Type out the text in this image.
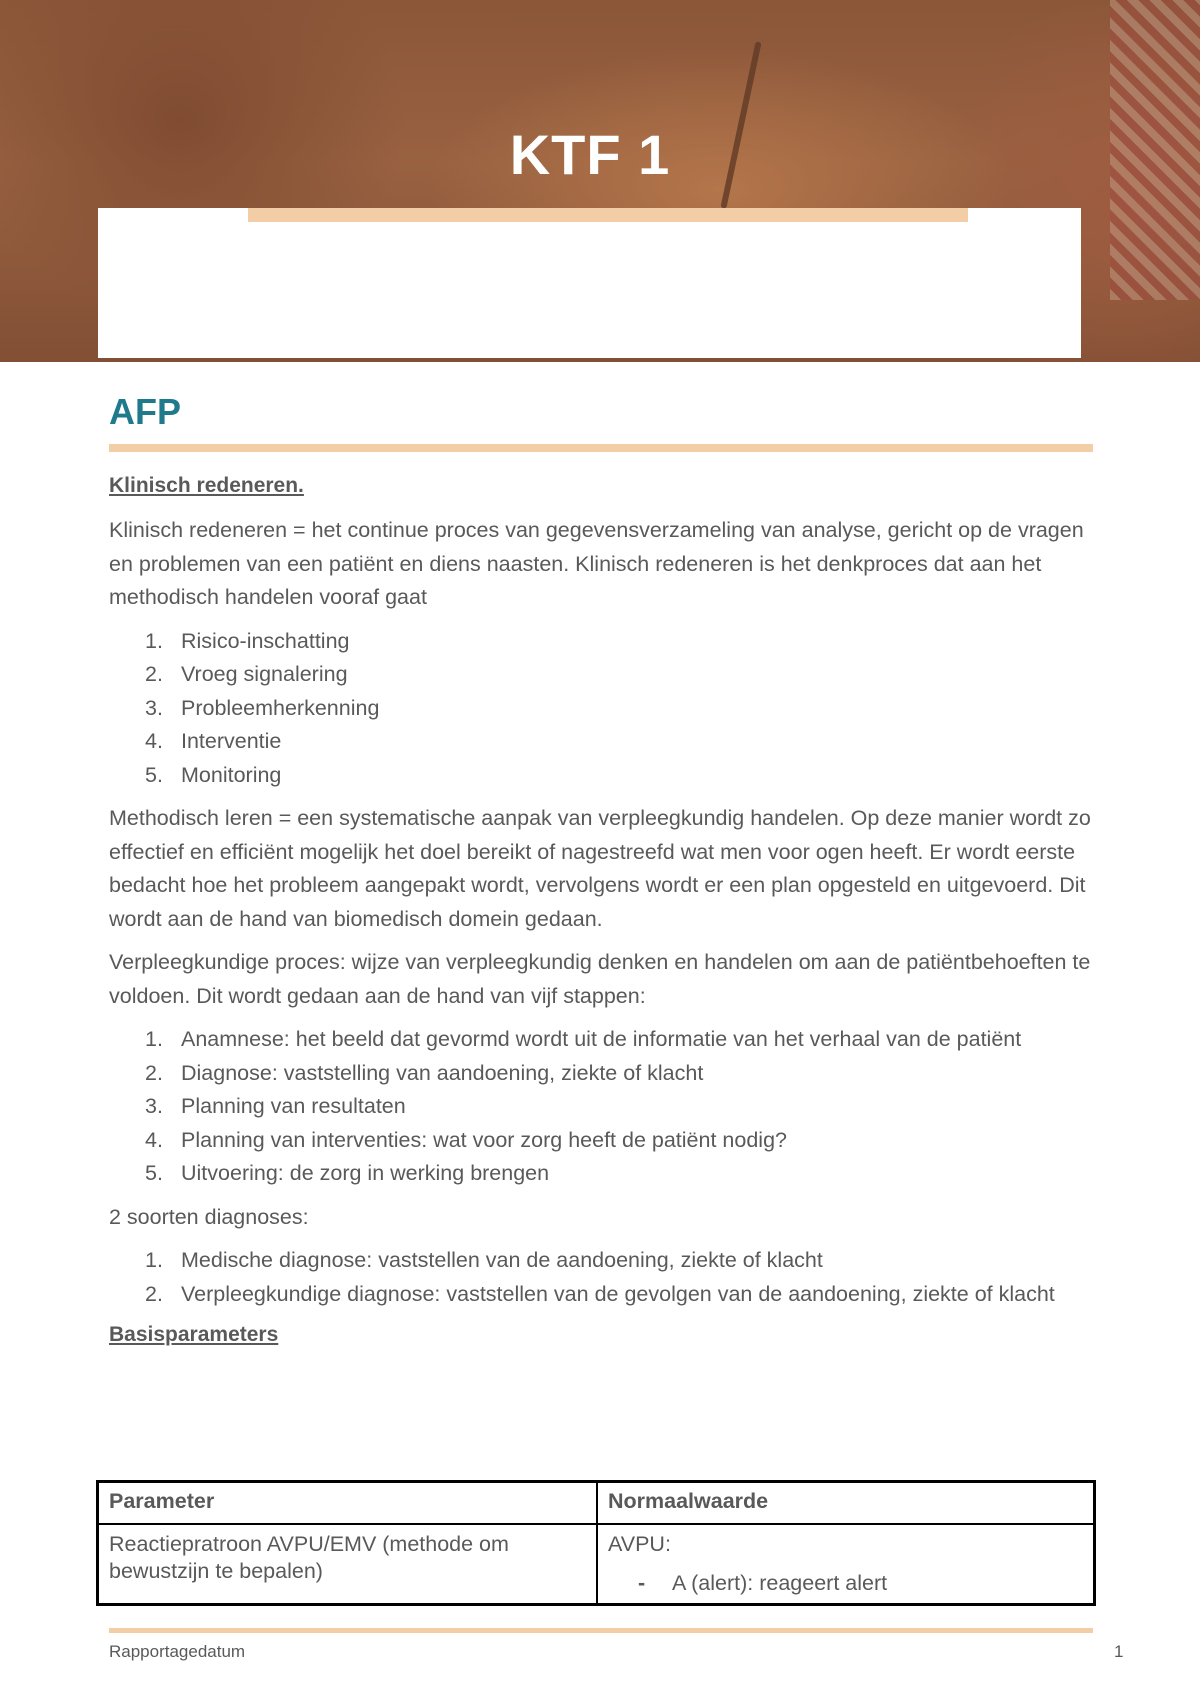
KTF 1
AFP
Klinisch redeneren.

Klinisch redeneren = het continue proces van gegevensverzameling van analyse, gericht op de vragen en problemen van een patiënt en diens naasten. Klinisch redeneren is het denkproces dat aan het methodisch handelen vooraf gaat

1. Risico-inschatting
2. Vroeg signalering
3. Probleemherkenning
4. Interventie
5. Monitoring

Methodisch leren = een systematische aanpak van verpleegkundig handelen. Op deze manier wordt zo effectief en efficiënt mogelijk het doel bereikt of nagestreefd wat men voor ogen heeft. Er wordt eerste bedacht hoe het probleem aangepakt wordt, vervolgens wordt er een plan opgesteld en uitgevoerd. Dit wordt aan de hand van biomedisch domein gedaan.

Verpleegkundige proces: wijze van verpleegkundig denken en handelen om aan de patiëntbehoeften te voldoen. Dit wordt gedaan aan de hand van vijf stappen:

1. Anamnese: het beeld dat gevormd wordt uit de informatie van het verhaal van de patiënt
2. Diagnose: vaststelling van aandoening, ziekte of klacht
3. Planning van resultaten
4. Planning van interventies: wat voor zorg heeft de patiënt nodig?
5. Uitvoering: de zorg in werking brengen

2 soorten diagnoses:

1. Medische diagnose: vaststellen van de aandoening, ziekte of klacht
2. Verpleegkundige diagnose: vaststellen van de gevolgen van de aandoening, ziekte of klacht
Basisparameters
Parameter	Normaalwaarde
Reactiepratroon AVPU/EMV (methode om bewustzijn te bepalen)	AVPU:
- A (alert): reageert alert
Rapportagedatum	1
